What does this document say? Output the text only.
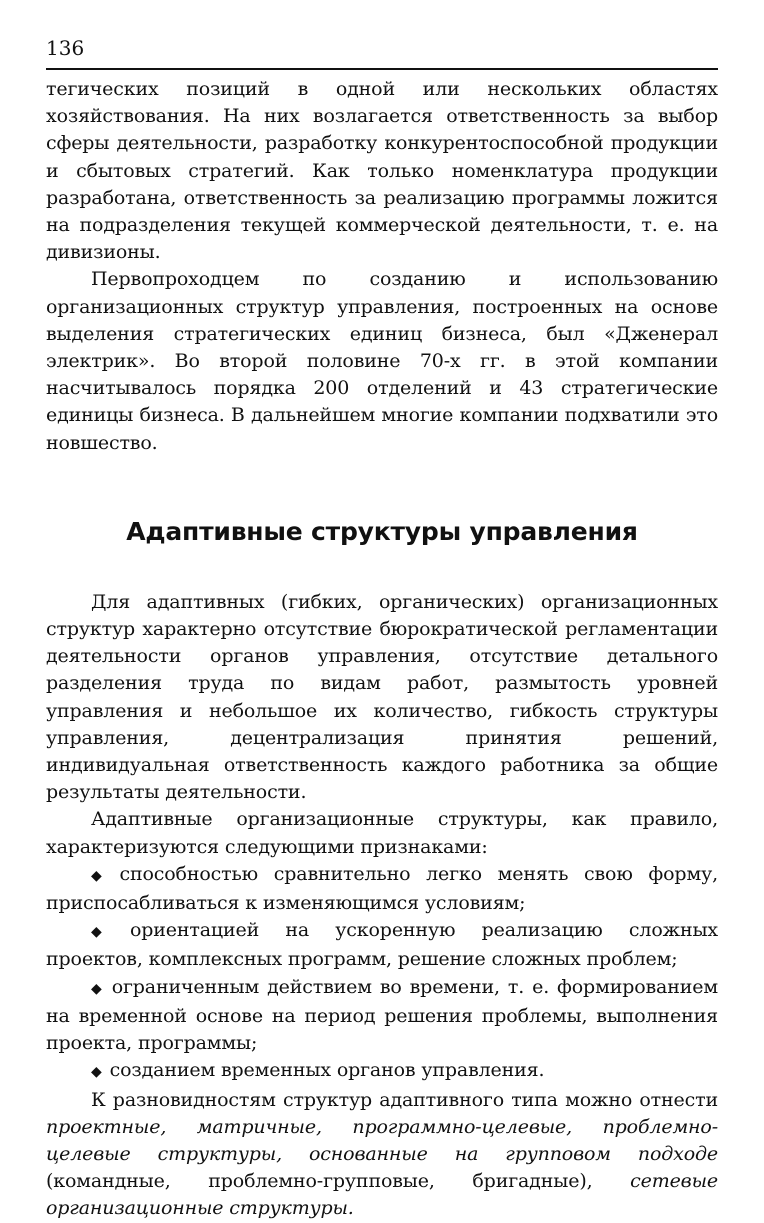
136

тегических позиций в одной или нескольких областях хозяйствования. На них возлагается ответственность за выбор сферы деятельности, разработку конкурентоспособной продукции и сбытовых стратегий. Как только номенклатура продукции разработана, ответственность за реализацию программы ложится на подразделения текущей коммерческой деятельности, т. е. на дивизионы.

Первопроходцем по созданию и использованию организационных структур управления, построенных на основе выделения стратегических единиц бизнеса, был «Дженерал электрик». Во второй половине 70-х гг. в этой компании насчитывалось порядка 200 отделений и 43 стратегические единицы бизнеса. В дальнейшем многие компании подхватили это новшество.

Адаптивные структуры управления

Для адаптивных (гибких, органических) организационных структур характерно отсутствие бюрократической регламентации деятельности органов управления, отсутствие детального разделения труда по видам работ, размытость уровней управления и небольшое их количество, гибкость структуры управления, децентрализация принятия решений, индивидуальная ответственность каждого работника за общие результаты деятельности.

Адаптивные организационные структуры, как правило, характеризуются следующими признаками:

◆ способностью сравнительно легко менять свою форму, приспосабливаться к изменяющимся условиям;

◆ ориентацией на ускоренную реализацию сложных проектов, комплексных программ, решение сложных проблем;

◆ ограниченным действием во времени, т. е. формированием на временной основе на период решения проблемы, выполнения проекта, программы;

◆ созданием временных органов управления.

К разновидностям структур адаптивного типа можно отнести проектные, матричные, программно-целевые, проблемно-целевые структуры, основанные на групповом подходе (командные, проблемно-групповые, бригадные), сетевые организационные структуры.
